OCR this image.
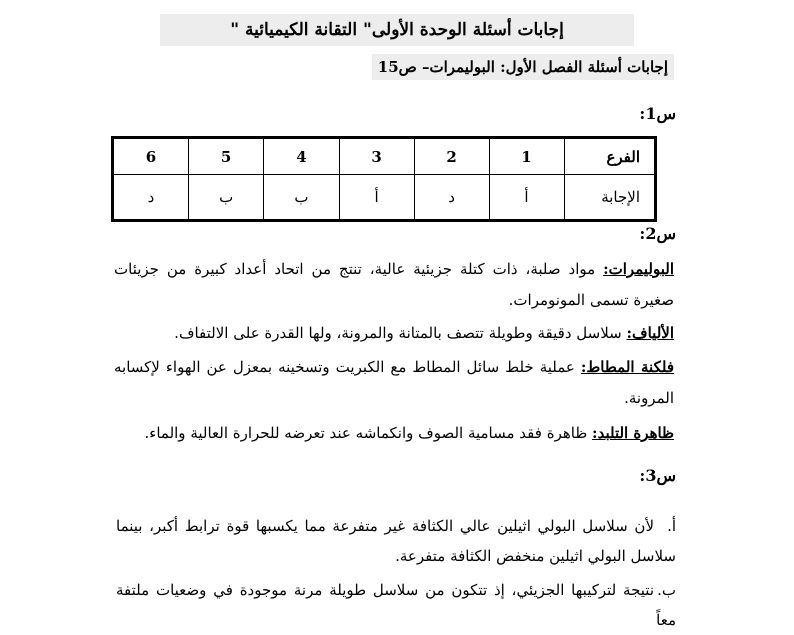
إجابات أسئلة الوحدة الأولى" التقانة الكيميائية "
إجابات أسئلة الفصل الأول: البوليمرات– ص15
س1:
الفرع	1	2	3	4	5	6
الإجابة	أ	د	أ	ب	ب	د
س2:
البوليمرات: مواد صلبة، ذات كتلة جزيئية عالية، تنتج من اتحاد أعداد كبيرة من جزيئات صغيرة تسمى المونومرات.
الألياف: سلاسل دقيقة وطويلة تتصف بالمتانة والمرونة، ولها القدرة على الالتفاف.
فلكنة المطاط: عملية خلط سائل المطاط مع الكبريت وتسخينه بمعزل عن الهواء لإكسابه المرونة.
ظاهرة التلبد: ظاهرة فقد مسامية الصوف وانكماشه عند تعرضه للحرارة العالية والماء.
س3:
أ.لأن سلاسل البولي اثيلين عالي الكثافة غير متفرعة مما يكسبها قوة ترابط أكبر، بينما سلاسل البولي اثيلين منخفض الكثافة متفرعة.
ب.نتيجة لتركيبها الجزيئي، إذ تتكون من سلاسل طويلة مرنة موجودة في وضعيات ملتفة معاً
